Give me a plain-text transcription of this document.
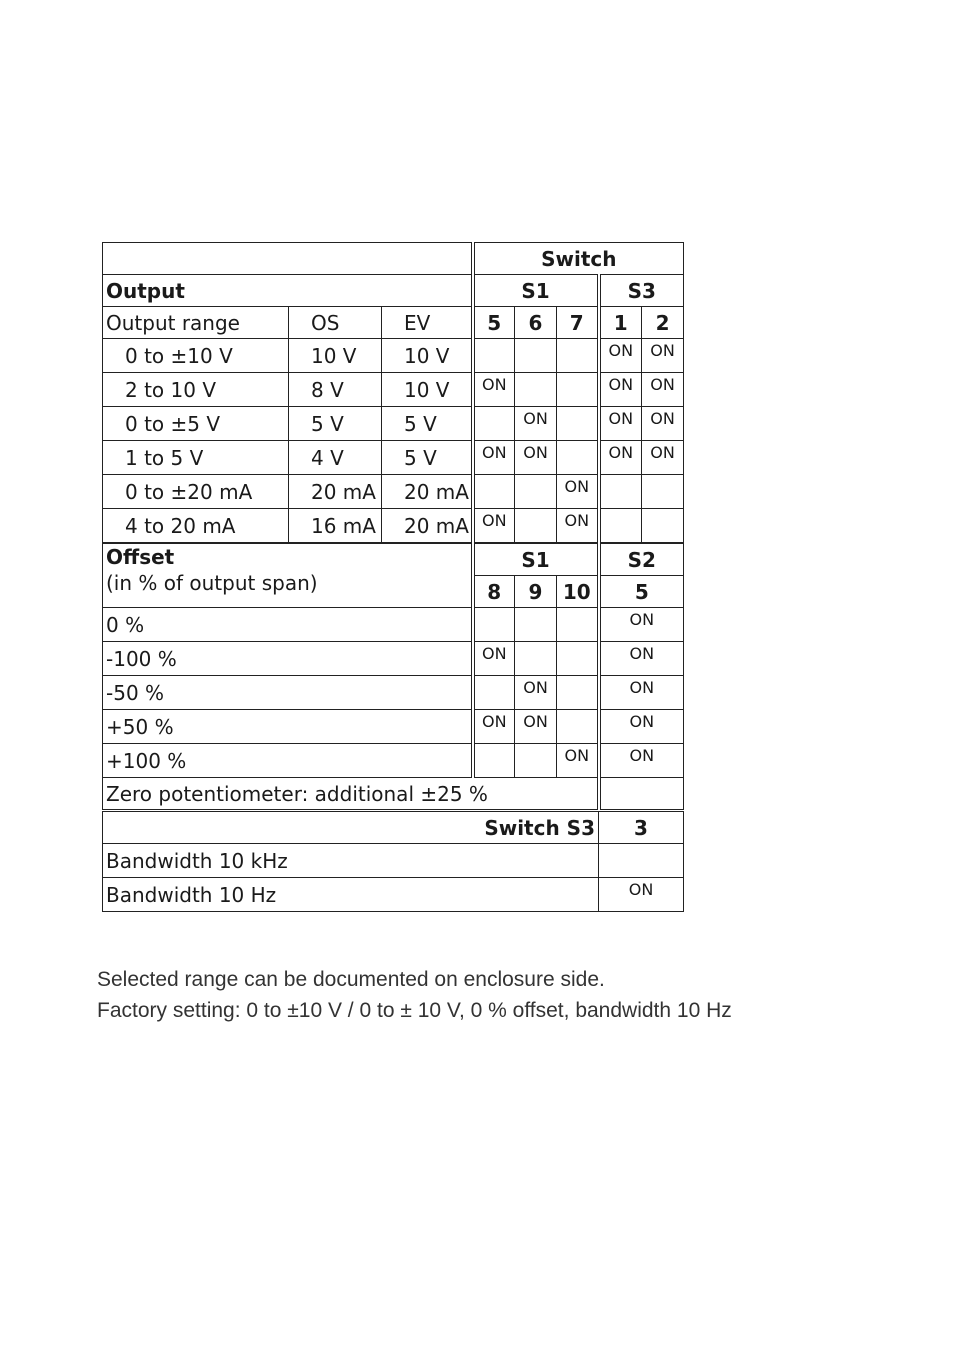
			Switch				
Output			S1			S3	
Output range	OS	EV	5	6	7	1	2
0 to ±10 V	10 V	10 V				ON	ON
2 to 10 V	8 V	10 V	ON			ON	ON
0 to ±5 V	5 V	5 V		ON		ON	ON
1 to 5 V	4 V	5 V	ON	ON		ON	ON
0 to ±20 mA	20 mA	20 mA			ON		
4 to 20 mA	16 mA	20 mA	ON		ON		
Offset
(in % of output span)	S1			S2
	8	9	10	5
0 %				ON
-100 %	ON			ON
-50 %		ON		ON
+50 %	ON	ON		ON
+100 %			ON	ON
Zero potentiometer: additional ±25 %				
Switch S3	3
Bandwidth 10 kHz	
Bandwidth 10 Hz	ON
Selected range can be documented on enclosure side.
Factory setting: 0 to ±10 V / 0 to ± 10 V, 0 % offset, bandwidth 10 Hz
